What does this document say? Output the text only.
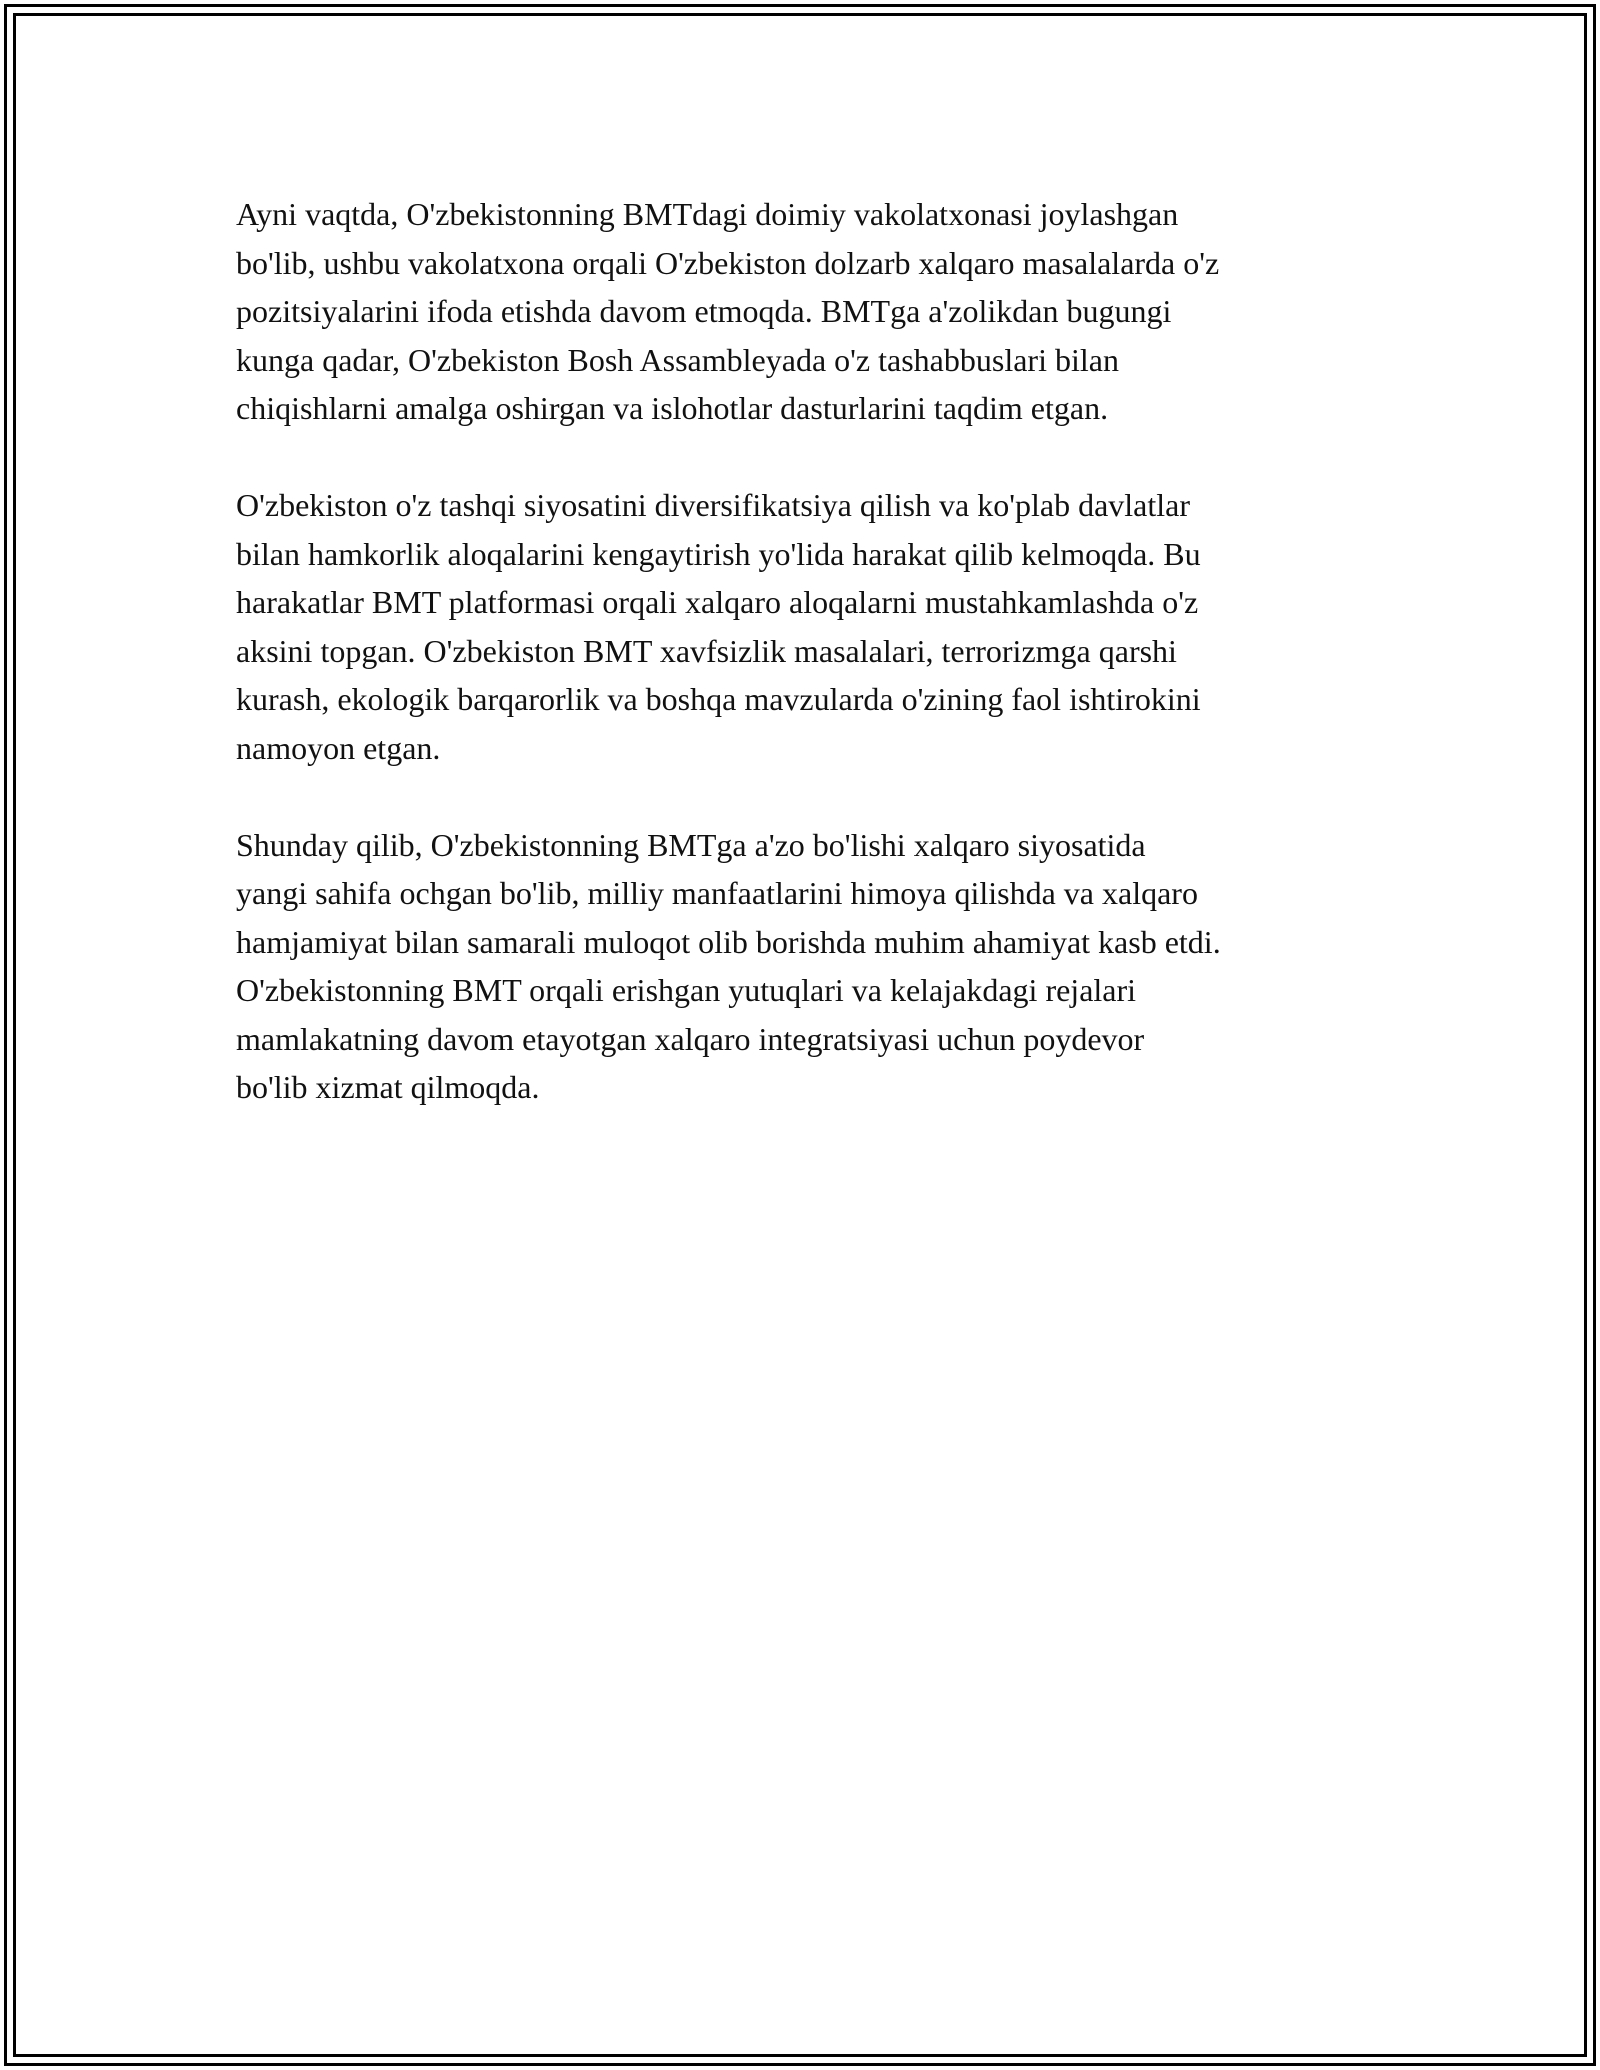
Ayni vaqtda, O'zbekistonning BMTdagi doimiy vakolatxonasi joylashgan
bo'lib, ushbu vakolatxona orqali O'zbekiston dolzarb xalqaro masalalarda o'z
pozitsiyalarini ifoda etishda davom etmoqda. BMTga a'zolikdan bugungi
kunga qadar, O'zbekiston Bosh Assambleyada o'z tashabbuslari bilan
chiqishlarni amalga oshirgan va islohotlar dasturlarini taqdim etgan.

O'zbekiston o'z tashqi siyosatini diversifikatsiya qilish va ko'plab davlatlar
bilan hamkorlik aloqalarini kengaytirish yo'lida harakat qilib kelmoqda. Bu
harakatlar BMT platformasi orqali xalqaro aloqalarni mustahkamlashda o'z
aksini topgan. O'zbekiston BMT xavfsizlik masalalari, terrorizmga qarshi
kurash, ekologik barqarorlik va boshqa mavzularda o'zining faol ishtirokini
namoyon etgan.

Shunday qilib, O'zbekistonning BMTga a'zo bo'lishi xalqaro siyosatida
yangi sahifa ochgan bo'lib, milliy manfaatlarini himoya qilishda va xalqaro
hamjamiyat bilan samarali muloqot olib borishda muhim ahamiyat kasb etdi.
O'zbekistonning BMT orqali erishgan yutuqlari va kelajakdagi rejalari
mamlakatning davom etayotgan xalqaro integratsiyasi uchun poydevor
bo'lib xizmat qilmoqda.
